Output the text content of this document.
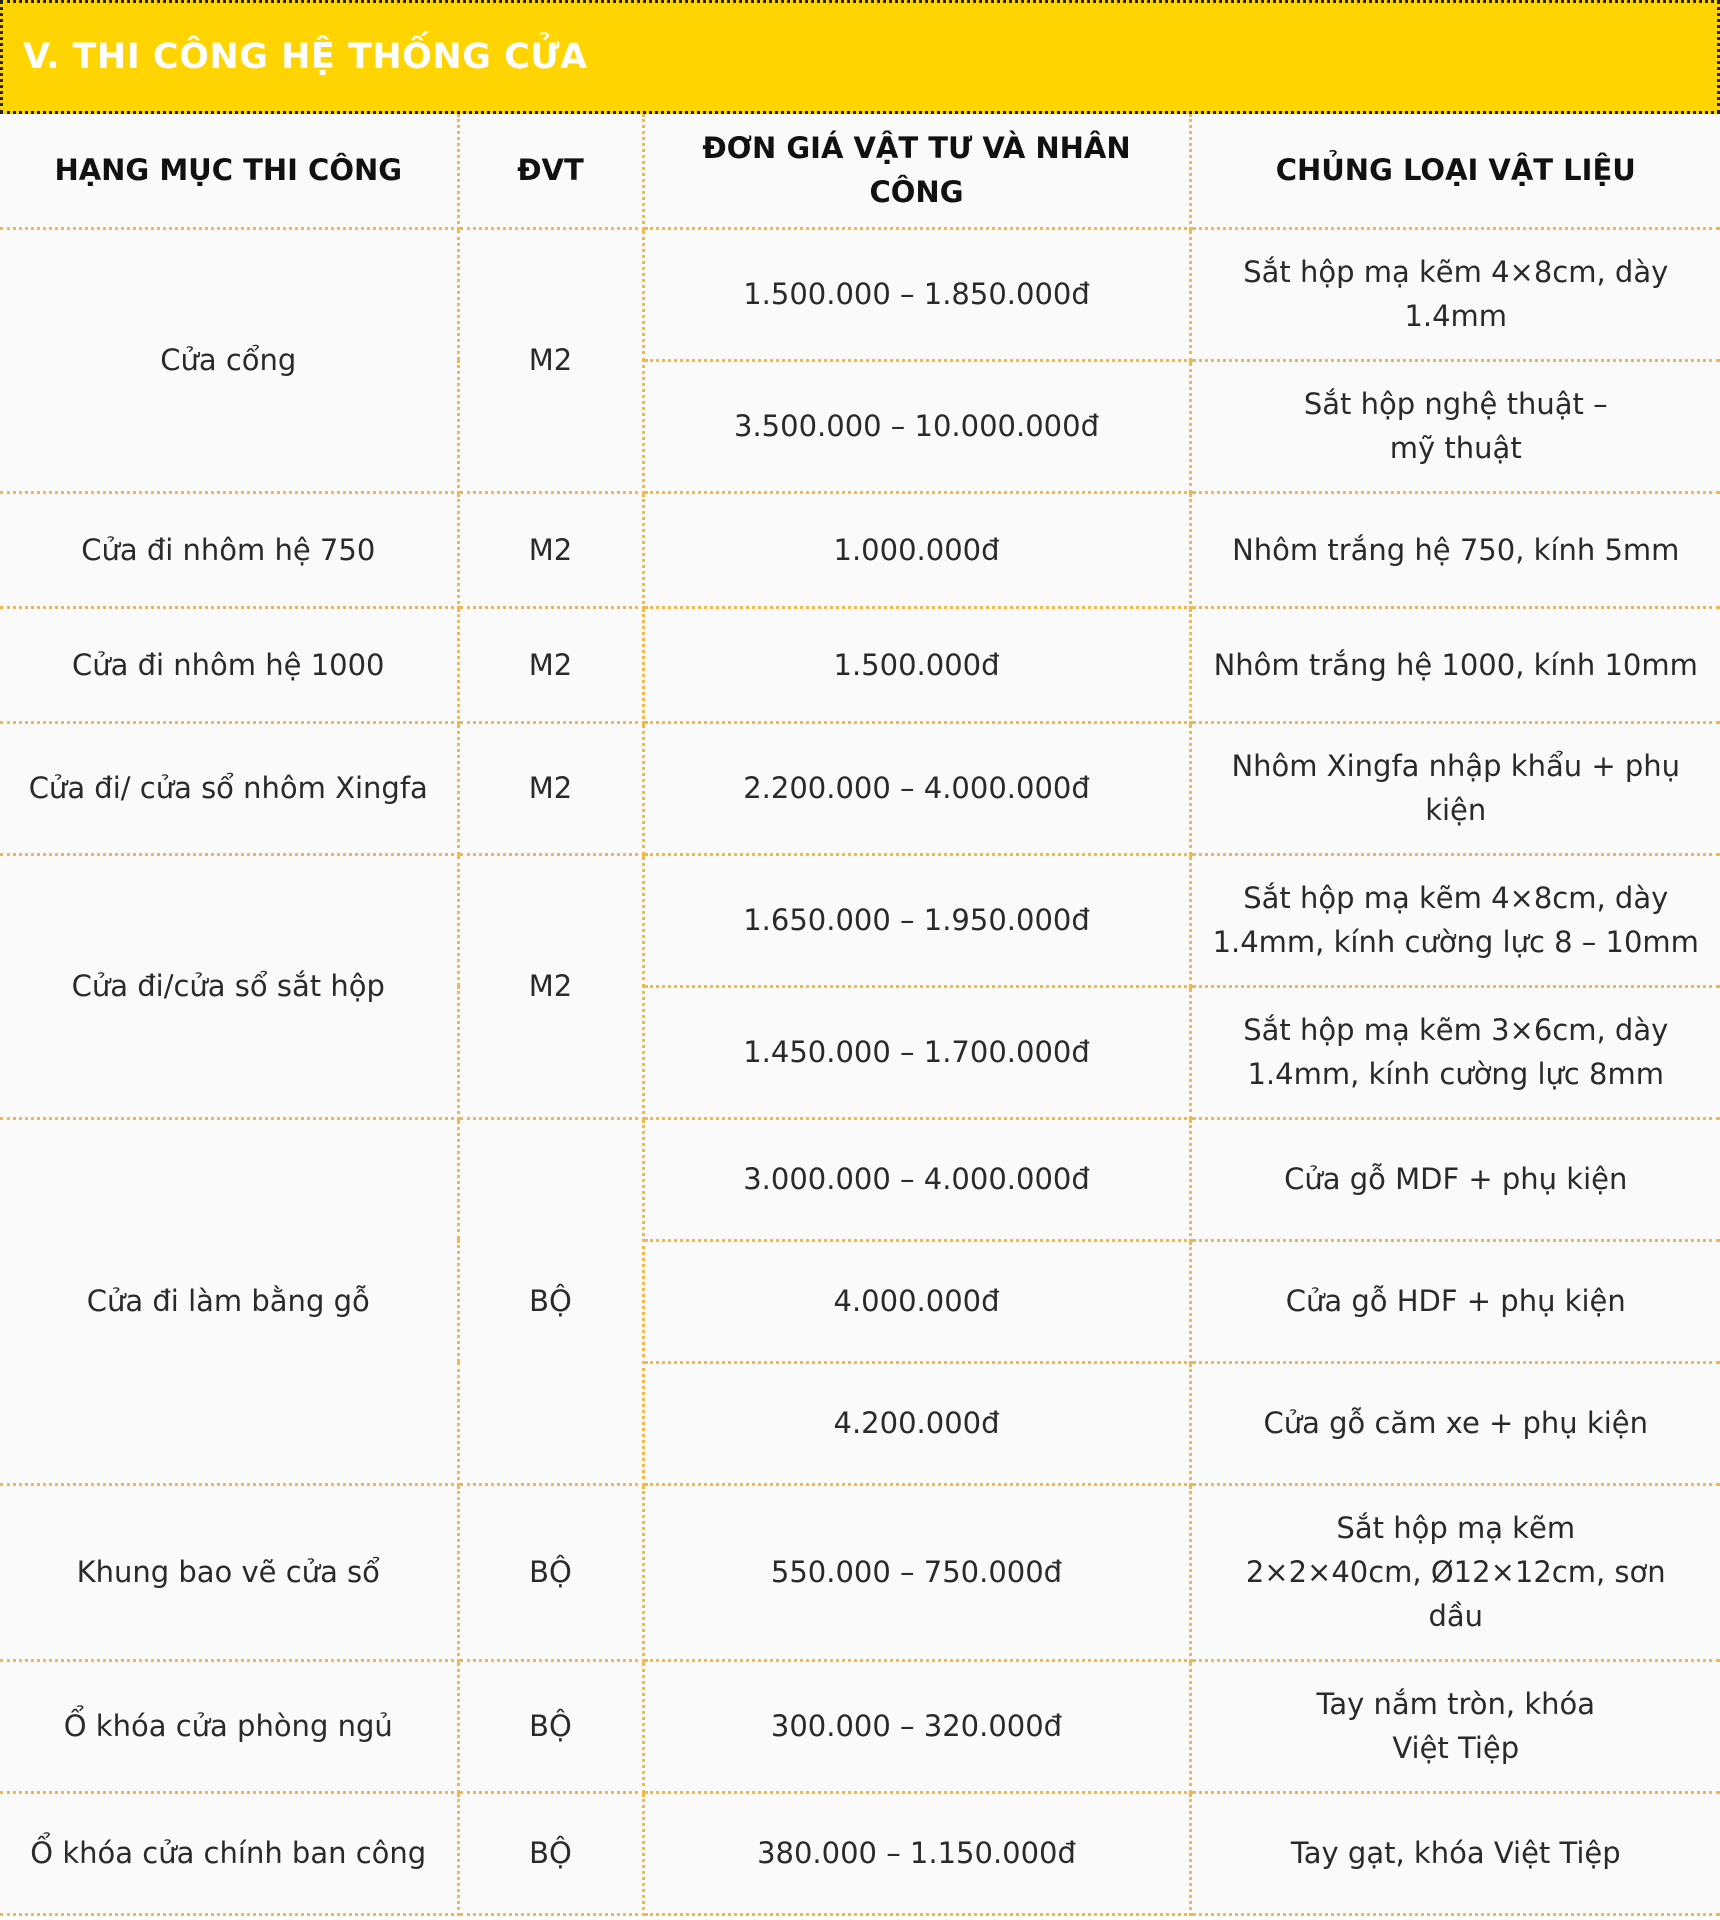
V. THI CÔNG HỆ THỐNG CỬA
HẠNG MỤC THI CÔNG	ĐVT	ĐƠN GIÁ VẬT TƯ VÀ NHÂN CÔNG	CHỦNG LOẠI VẬT LIỆU
Cửa cổng	M2	1.500.000 – 1.850.000đ	Sắt hộp mạ kẽm 4×8cm, dày 1.4mm
		3.500.000 – 10.000.000đ	Sắt hộp nghệ thuật – mỹ thuật
Cửa đi nhôm hệ 750	M2	1.000.000đ	Nhôm trắng hệ 750, kính 5mm
Cửa đi nhôm hệ 1000	M2	1.500.000đ	Nhôm trắng hệ 1000, kính 10mm
Cửa đi/ cửa sổ nhôm Xingfa	M2	2.200.000 – 4.000.000đ	Nhôm Xingfa nhập khẩu + phụ kiện
Cửa đi/cửa sổ sắt hộp	M2	1.650.000 – 1.950.000đ	Sắt hộp mạ kẽm 4×8cm, dày 1.4mm, kính cường lực 8 – 10mm
		1.450.000 – 1.700.000đ	Sắt hộp mạ kẽm 3×6cm, dày 1.4mm, kính cường lực 8mm
Cửa đi làm bằng gỗ	BỘ	3.000.000 – 4.000.000đ	Cửa gỗ MDF + phụ kiện
		4.000.000đ	Cửa gỗ HDF + phụ kiện
		4.200.000đ	Cửa gỗ căm xe + phụ kiện
Khung bao vẽ cửa sổ	BỘ	550.000 – 750.000đ	Sắt hộp mạ kẽm 2×2×40cm, Ø12×12cm, sơn dầu
Ổ khóa cửa phòng ngủ	BỘ	300.000 – 320.000đ	Tay nắm tròn, khóa Việt Tiệp
Ổ khóa cửa chính ban công	BỘ	380.000 – 1.150.000đ	Tay gạt, khóa Việt Tiệp
